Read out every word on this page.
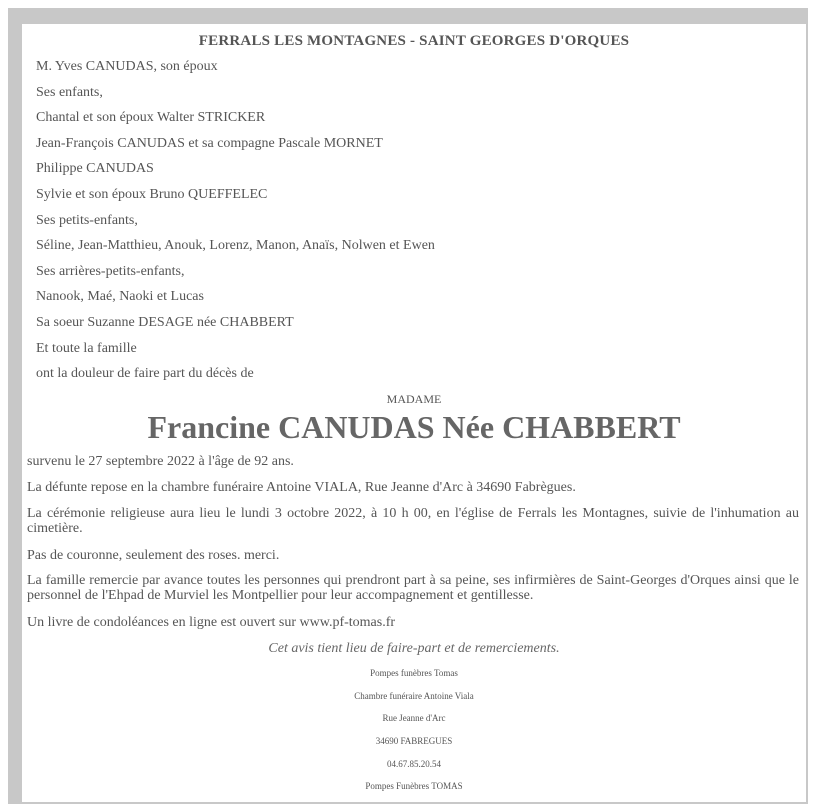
FERRALS LES MONTAGNES - SAINT GEORGES D'ORQUES
M. Yves CANUDAS, son époux
Ses enfants,
Chantal et son époux Walter STRICKER
Jean-François CANUDAS et sa compagne Pascale MORNET
Philippe CANUDAS
Sylvie et son époux Bruno QUEFFELEC
Ses petits-enfants,
Séline, Jean-Matthieu, Anouk, Lorenz, Manon, Anaïs, Nolwen et Ewen
Ses arrières-petits-enfants,
Nanook, Maé, Naoki et Lucas
Sa soeur Suzanne DESAGE née CHABBERT
Et toute la famille
ont la douleur de faire part du décès de
MADAME
Francine CANUDAS Née CHABBERT
survenu le 27 septembre 2022 à l'âge de 92 ans.
La défunte repose en la chambre funéraire Antoine VIALA, Rue Jeanne d'Arc à 34690 Fabrègues.
La cérémonie religieuse aura lieu le lundi 3 octobre 2022, à 10 h 00, en l'église de Ferrals les Montagnes, suivie de l'inhumation au cimetière.
Pas de couronne, seulement des roses. merci.
La famille remercie par avance toutes les personnes qui prendront part à sa peine, ses infirmières de Saint-Georges d'Orques ainsi que le personnel de l'Ehpad de Murviel les Montpellier pour leur accompagnement et gentillesse.
Un livre de condoléances en ligne est ouvert sur www.pf-tomas.fr
Cet avis tient lieu de faire-part et de remerciements.
Pompes funèbres Tomas
Chambre funéraire Antoine Viala
Rue Jeanne d'Arc
34690 FABREGUES
04.67.85.20.54
Pompes Funèbres TOMAS
